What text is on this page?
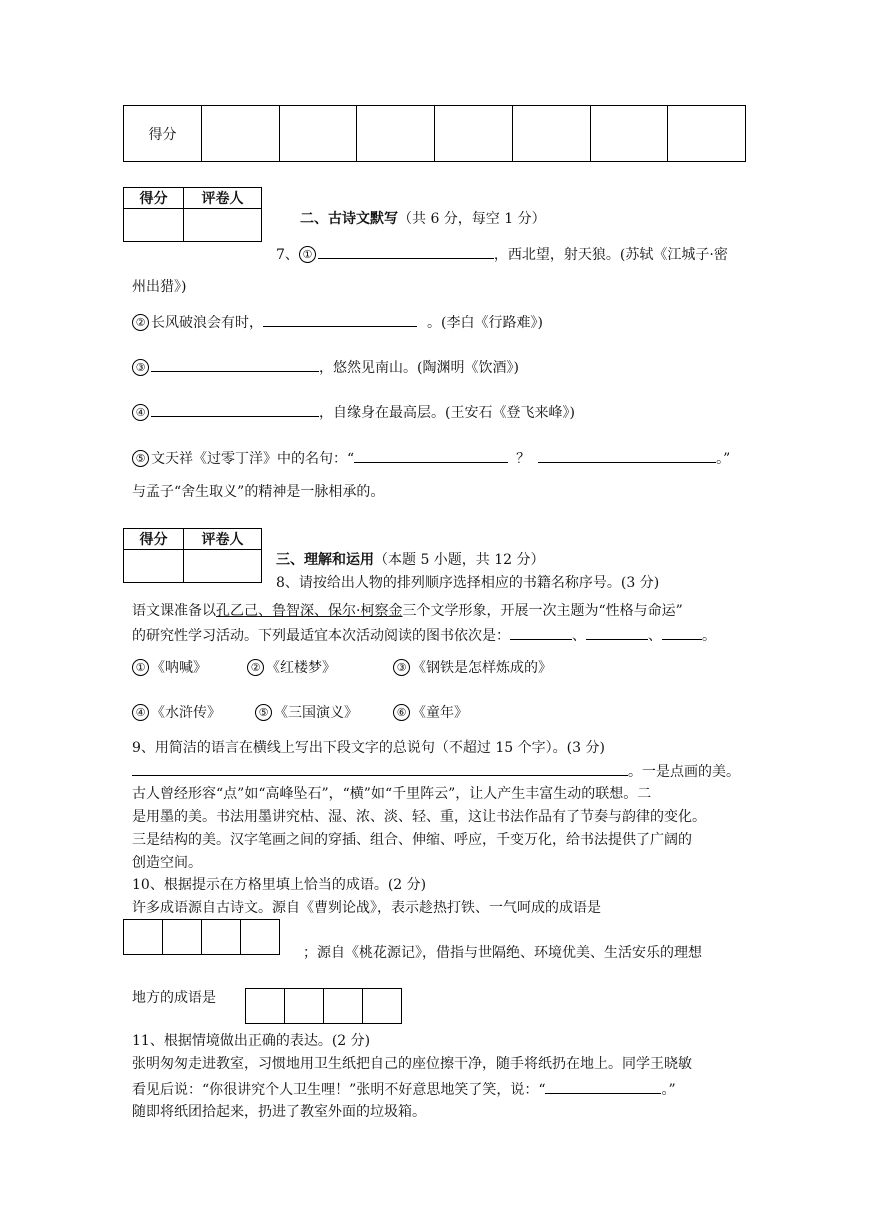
得分							
得分	评卷人

二、古诗文默写（共 6 分，每空 1 分）
7、 ①	，西北望，射天狼。(苏轼《江城子·密
州出猎》)
② 长风破浪会有时，	。(李白《行路难》)
③	，悠然见南山。(陶渊明《饮酒》)
④	，自缘身在最高层。(王安石《登飞来峰》)
⑤ 文天祥《过零丁洋》中的名句：“	？	。”
与孟子“舍生取义”的精神是一脉相承的。
得分	评卷人

三、理解和运用（本题 5 小题，共 12 分）
8、请按给出人物的排列顺序选择相应的书籍名称序号。(3 分)
语文课准备以孔乙己、鲁智深、保尔·柯察金三个文学形象，开展一次主题为“性格与命运”
的研究性学习活动。下列最适宜本次活动阅读的图书依次是：	、	、	。
① 《呐喊》	② 《红楼梦》	③ 《钢铁是怎样炼成的》
④ 《水浒传》	⑤ 《三国演义》	⑥ 《童年》
9、用简洁的语言在横线上写出下段文字的总说句（不超过 15 个字）。(3 分)
。一是点画的美。
古人曾经形容“点”如“高峰坠石”，“横”如“千里阵云”，让人产生丰富生动的联想。二
是用墨的美。书法用墨讲究枯、湿、浓、淡、轻、重，这让书法作品有了节奏与韵律的变化。
三是结构的美。汉字笔画之间的穿插、组合、伸缩、呼应，千变万化，给书法提供了广阔的
创造空间。
10、根据提示在方格里填上恰当的成语。(2 分)
许多成语源自古诗文。源自《曹刿论战》，表示趁热打铁、一气呵成的成语是
；源自《桃花源记》，借指与世隔绝、环境优美、生活安乐的理想
地方的成语是
11、根据情境做出正确的表达。(2 分)
张明匆匆走进教室，习惯地用卫生纸把自己的座位擦干净，随手将纸扔在地上。同学王晓敏
看见后说：“你很讲究个人卫生哩！”张明不好意思地笑了笑，说：“	。”
随即将纸团拾起来，扔进了教室外面的垃圾箱。
